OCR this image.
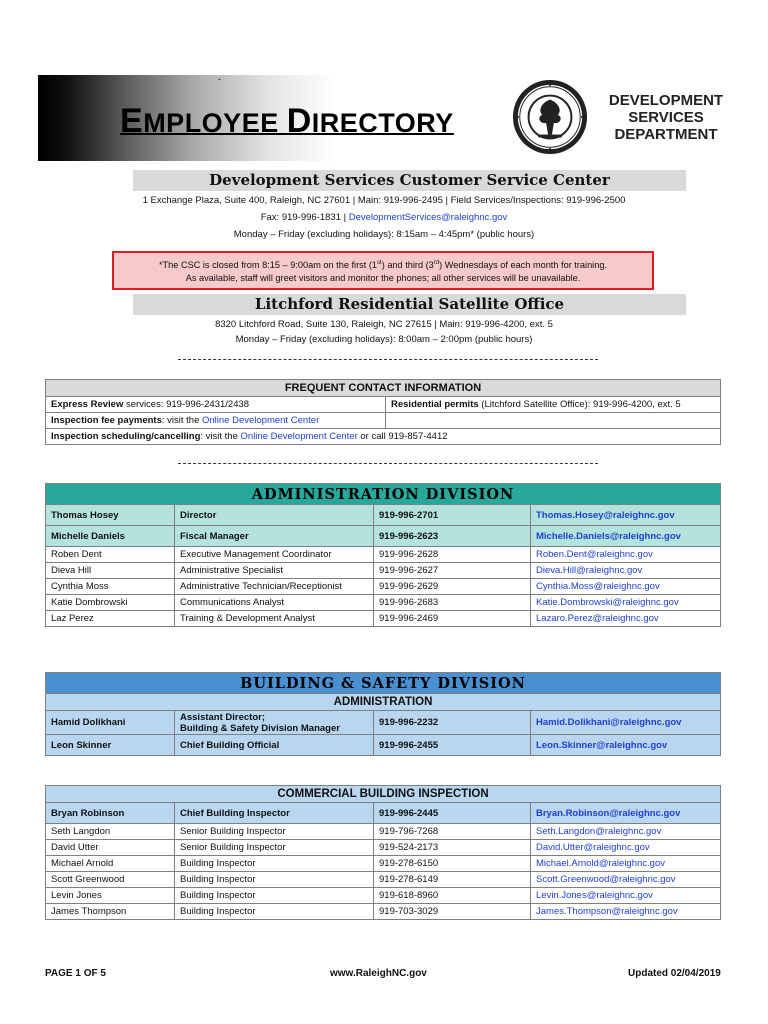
-
EMPLOYEE DIRECTORY
DEVELOPMENT
SERVICES
DEPARTMENT
Development Services Customer Service Center
1 Exchange Plaza, Suite 400, Raleigh, NC 27601 | Main: 919-996-2495 | Field Services/Inspections: 919-996-2500
Fax: 919-996-1831 | DevelopmentServices@raleighnc.gov
Monday – Friday (excluding holidays): 8:15am – 4:45pm* (public hours)
*The CSC is closed from 8:15 – 9:00am on the first (1st) and third (3rd) Wednesdays of each month for training.
As available, staff will greet visitors and monitor the phones; all other services will be unavailable.
Litchford Residential Satellite Office
8320 Litchford Road, Suite 130, Raleigh, NC 27615 | Main: 919-996-4200, ext. 5
Monday – Friday (excluding holidays): 8:00am – 2:00pm (public hours)
FREQUENT CONTACT INFORMATION	
Express Review services: 919-996-2431/2438	Residential permits (Litchford Satellite Office): 919-996-4200, ext. 5
Inspection fee payments: visit the Online Development Center	
Inspection scheduling/cancelling: visit the Online Development Center or call 919-857-4412	
ADMINISTRATION DIVISION			
Thomas Hosey	Director	919-996-2701	Thomas.Hosey@raleighnc.gov
Michelle Daniels	Fiscal Manager	919-996-2623	Michelle.Daniels@raleighnc.gov
Roben Dent	Executive Management Coordinator	919-996-2628	Roben.Dent@raleighnc.gov
Dieva Hill	Administrative Specialist	919-996-2627	Dieva.Hill@raleighnc.gov
Cynthia Moss	Administrative Technician/Receptionist	919-996-2629	Cynthia.Moss@raleighnc.gov
Katie Dombrowski	Communications Analyst	919-996-2683	Katie.Dombrowski@raleighnc.gov
Laz Perez	Training & Development Analyst	919-996-2469	Lazaro.Perez@raleighnc.gov
BUILDING & SAFETY DIVISION			
ADMINISTRATION			
Hamid Dolikhani	Assistant Director;
Building & Safety Division Manager	919-996-2232	Hamid.Dolikhani@raleighnc.gov
Leon Skinner	Chief Building Official	919-996-2455	Leon.Skinner@raleighnc.gov
COMMERCIAL BUILDING INSPECTION			
Bryan Robinson	Chief Building Inspector	919-996-2445	Bryan.Robinson@raleighnc.gov
Seth Langdon	Senior Building Inspector	919-796-7268	Seth.Langdon@raleighnc.gov
David Utter	Senior Building Inspector	919-524-2173	David.Utter@raleighnc.gov
Michael Arnold	Building Inspector	919-278-6150	Michael.Arnold@raleighnc.gov
Scott Greenwood	Building Inspector	919-278-6149	Scott.Greenwood@raleighnc.gov
Levin Jones	Building Inspector	919-618-8960	Levin.Jones@raleighnc.gov
James Thompson	Building Inspector	919-703-3029	James.Thompson@raleighnc.gov
PAGE 1 OF 5	www.RaleighNC.gov	Updated 02/04/2019
